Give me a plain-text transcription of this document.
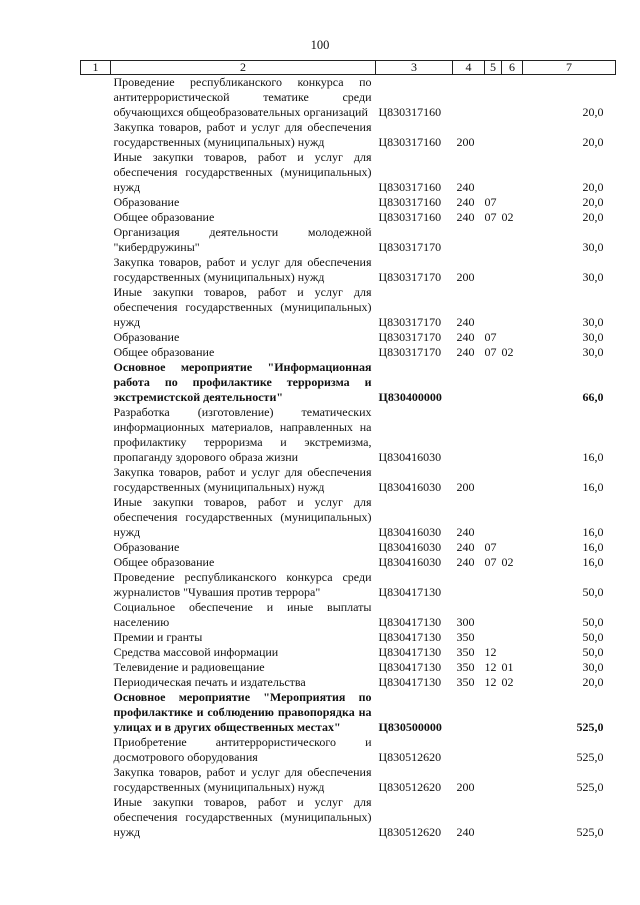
100
1	2	3	4	5	6	7
	Проведение республиканского конкурса по антитеррористической тематике среди обучающихся общеобразовательных организаций	Ц830317160				20,0
	Закупка товаров, работ и услуг для обеспечения государственных (муниципальных) нужд	Ц830317160	200			20,0
	Иные закупки товаров, работ и услуг для обеспечения государственных (муниципальных) нужд	Ц830317160	240			20,0
	Образование	Ц830317160	240	07		20,0
	Общее образование	Ц830317160	240	07	02	20,0
	Организация деятельности молодежной "кибердружины"	Ц830317170				30,0
	Закупка товаров, работ и услуг для обеспечения государственных (муниципальных) нужд	Ц830317170	200			30,0
	Иные закупки товаров, работ и услуг для обеспечения государственных (муниципальных) нужд	Ц830317170	240			30,0
	Образование	Ц830317170	240	07		30,0
	Общее образование	Ц830317170	240	07	02	30,0
	Основное мероприятие "Информационная работа по профилактике терроризма и экстремистской деятельности"	Ц830400000				66,0
	Разработка (изготовление) тематических информационных материалов, направленных на профилактику терроризма и экстремизма, пропаганду здорового образа жизни	Ц830416030				16,0
	Закупка товаров, работ и услуг для обеспечения государственных (муниципальных) нужд	Ц830416030	200			16,0
	Иные закупки товаров, работ и услуг для обеспечения государственных (муниципальных) нужд	Ц830416030	240			16,0
	Образование	Ц830416030	240	07		16,0
	Общее образование	Ц830416030	240	07	02	16,0
	Проведение республиканского конкурса среди журналистов "Чувашия против террора"	Ц830417130				50,0
	Социальное обеспечение и иные выплаты населению	Ц830417130	300			50,0
	Премии и гранты	Ц830417130	350			50,0
	Средства массовой информации	Ц830417130	350	12		50,0
	Телевидение и радиовещание	Ц830417130	350	12	01	30,0
	Периодическая печать и издательства	Ц830417130	350	12	02	20,0
	Основное мероприятие "Мероприятия по профилактике и соблюдению правопорядка на улицах и в других общественных местах"	Ц830500000				525,0
	Приобретение антитеррористического и досмотрового оборудования	Ц830512620				525,0
	Закупка товаров, работ и услуг для обеспечения государственных (муниципальных) нужд	Ц830512620	200			525,0
	Иные закупки товаров, работ и услуг для обеспечения государственных (муниципальных) нужд	Ц830512620	240			525,0
